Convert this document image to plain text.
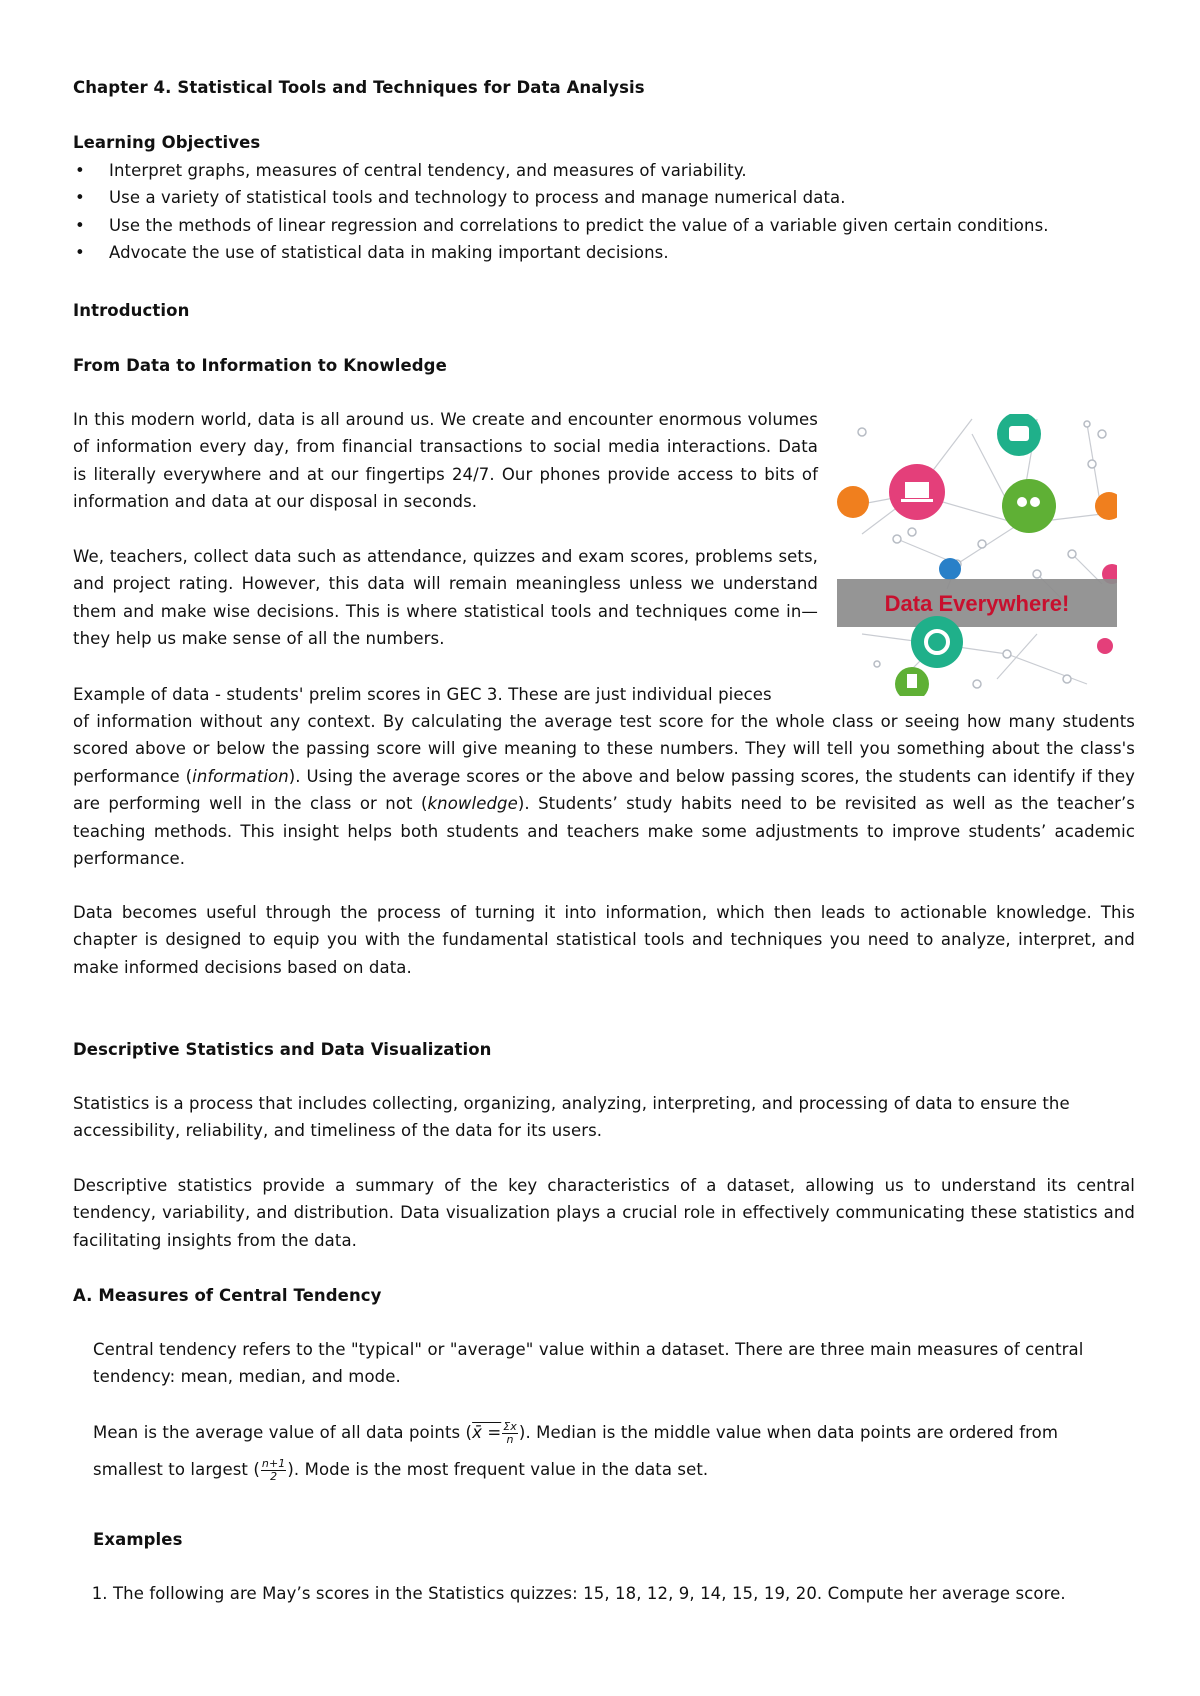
Chapter 4. Statistical Tools and Techniques for Data Analysis
Learning Objectives
• Interpret graphs, measures of central tendency, and measures of variability.
• Use a variety of statistical tools and technology to process and manage numerical data.
• Use the methods of linear regression and correlations to predict the value of a variable given certain conditions.
• Advocate the use of statistical data in making important decisions.
Introduction
From Data to Information to Knowledge
In this modern world, data is all around us. We create and encounter enormous volumes of information every day, from financial transactions to social media interactions. Data is literally everywhere and at our fingertips 24/7. Our phones provide access to bits of information and data at our disposal in seconds.
We, teachers, collect data such as attendance, quizzes and exam scores, problems sets, and project rating. However, this data will remain meaningless unless we understand them and make wise decisions. This is where statistical tools and techniques come in—they help us make sense of all the numbers.
Example of data - students' prelim scores in GEC 3. These are just individual pieces
of information without any context. By calculating the average test score for the whole class or seeing how many students scored above or below the passing score will give meaning to these numbers. They will tell you something about the class's performance (information). Using the average scores or the above and below passing scores, the students can identify if they are performing well in the class or not (knowledge). Students’ study habits need to be revisited as well as the teacher’s teaching methods. This insight helps both students and teachers make some adjustments to improve students’ academic performance.
Data becomes useful through the process of turning it into information, which then leads to actionable knowledge. This chapter is designed to equip you with the fundamental statistical tools and techniques you need to analyze, interpret, and make informed decisions based on data.
Descriptive Statistics and Data Visualization
Statistics is a process that includes collecting, organizing, analyzing, interpreting, and processing of data to ensure the accessibility, reliability, and timeliness of the data for its users.
Descriptive statistics provide a summary of the key characteristics of a dataset, allowing us to understand its central tendency, variability, and distribution. Data visualization plays a crucial role in effectively communicating these statistics and facilitating insights from the data.
A. Measures of Central Tendency
Central tendency refers to the "typical" or "average" value within a dataset. There are three main measures of central tendency: mean, median, and mode.
Mean is the average value of all data points (x̄ = $\frac{\Sigma x}{n}$ ). Median is the middle value when data points are ordered from smallest to largest ( $\frac{n+1}{2}$ ). Mode is the most frequent value in the data set.
Examples
1. The following are May’s scores in the Statistics quizzes: 15, 18, 12, 9, 14, 15, 19, 20. Compute her average score.
Data Everywhere!
